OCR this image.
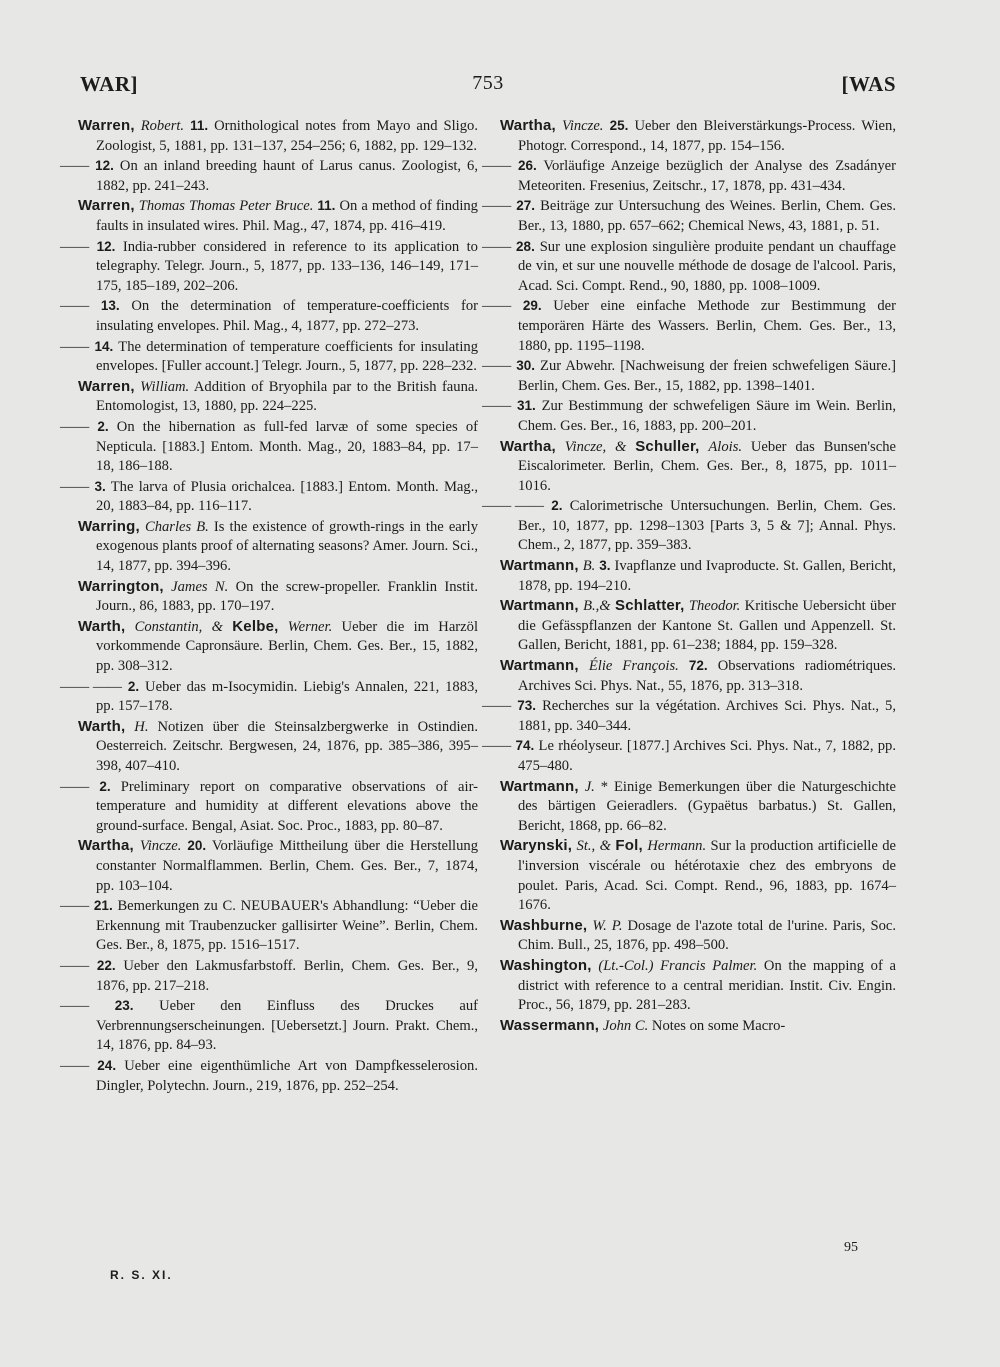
WAR]	753	[WAS

Warren, Robert. 11. Ornithological notes from Mayo and Sligo. Zoologist, 5, 1881, pp. 131–137, 254–256; 6, 1882, pp. 129–132.

—— 12. On an inland breeding haunt of Larus canus. Zoologist, 6, 1882, pp. 241–243.

Warren, Thomas Thomas Peter Bruce. 11. On a method of finding faults in insulated wires. Phil. Mag., 47, 1874, pp. 416–419.

—— 12. India-rubber considered in reference to its application to telegraphy. Telegr. Journ., 5, 1877, pp. 133–136, 146–149, 171–175, 185–189, 202–206.

—— 13. On the determination of temperature-coefficients for insulating envelopes. Phil. Mag., 4, 1877, pp. 272–273.

—— 14. The determination of temperature coefficients for insulating envelopes. [Fuller account.] Telegr. Journ., 5, 1877, pp. 228–232.

Warren, William. Addition of Bryophila par to the British fauna. Entomologist, 13, 1880, pp. 224–225.

—— 2. On the hibernation as full-fed larvæ of some species of Nepticula. [1883.] Entom. Month. Mag., 20, 1883–84, pp. 17–18, 186–188.

—— 3. The larva of Plusia orichalcea. [1883.] Entom. Month. Mag., 20, 1883–84, pp. 116–117.

Warring, Charles B. Is the existence of growth-rings in the early exogenous plants proof of alternating seasons? Amer. Journ. Sci., 14, 1877, pp. 394–396.

Warrington, James N. On the screw-propeller. Franklin Instit. Journ., 86, 1883, pp. 170–197.

Warth, Constantin, & Kelbe, Werner. Ueber die im Harzöl vorkommende Capronsäure. Berlin, Chem. Ges. Ber., 15, 1882, pp. 308–312.

—— —— 2. Ueber das m-Isocymidin. Liebig's Annalen, 221, 1883, pp. 157–178.

Warth, H. Notizen über die Steinsalzbergwerke in Ostindien. Oesterreich. Zeitschr. Bergwesen, 24, 1876, pp. 385–386, 395–398, 407–410.

—— 2. Preliminary report on comparative observations of air-temperature and humidity at different elevations above the ground-surface. Bengal, Asiat. Soc. Proc., 1883, pp. 80–87.

Wartha, Vincze. 20. Vorläufige Mittheilung über die Herstellung constanter Normalflammen. Berlin, Chem. Ges. Ber., 7, 1874, pp. 103–104.

—— 21. Bemerkungen zu C. NEUBAUER's Abhandlung: “Ueber die Erkennung mit Traubenzucker gallisirter Weine”. Berlin, Chem. Ges. Ber., 8, 1875, pp. 1516–1517.

—— 22. Ueber den Lakmusfarbstoff. Berlin, Chem. Ges. Ber., 9, 1876, pp. 217–218.

—— 23. Ueber den Einfluss des Druckes auf Verbrennungserscheinungen. [Uebersetzt.] Journ. Prakt. Chem., 14, 1876, pp. 84–93.

—— 24. Ueber eine eigenthümliche Art von Dampfkesselerosion. Dingler, Polytechn. Journ., 219, 1876, pp. 252–254.

Wartha, Vincze. 25. Ueber den Bleiverstärkungs-Process. Wien, Photogr. Correspond., 14, 1877, pp. 154–156.

—— 26. Vorläufige Anzeige bezüglich der Analyse des Zsadányer Meteoriten. Fresenius, Zeitschr., 17, 1878, pp. 431–434.

—— 27. Beiträge zur Untersuchung des Weines. Berlin, Chem. Ges. Ber., 13, 1880, pp. 657–662; Chemical News, 43, 1881, p. 51.

—— 28. Sur une explosion singulière produite pendant un chauffage de vin, et sur une nouvelle méthode de dosage de l'alcool. Paris, Acad. Sci. Compt. Rend., 90, 1880, pp. 1008–1009.

—— 29. Ueber eine einfache Methode zur Bestimmung der temporären Härte des Wassers. Berlin, Chem. Ges. Ber., 13, 1880, pp. 1195–1198.

—— 30. Zur Abwehr. [Nachweisung der freien schwefeligen Säure.] Berlin, Chem. Ges. Ber., 15, 1882, pp. 1398–1401.

—— 31. Zur Bestimmung der schwefeligen Säure im Wein. Berlin, Chem. Ges. Ber., 16, 1883, pp. 200–201.

Wartha, Vincze, & Schuller, Alois. Ueber das Bunsen'sche Eiscalorimeter. Berlin, Chem. Ges. Ber., 8, 1875, pp. 1011–1016.

—— —— 2. Calorimetrische Untersuchungen. Berlin, Chem. Ges. Ber., 10, 1877, pp. 1298–1303 [Parts 3, 5 & 7]; Annal. Phys. Chem., 2, 1877, pp. 359–383.

Wartmann, B. 3. Ivapflanze und Ivaproducte. St. Gallen, Bericht, 1878, pp. 194–210.

Wartmann, B.,& Schlatter, Theodor. Kritische Uebersicht über die Gefässpflanzen der Kantone St. Gallen und Appenzell. St. Gallen, Bericht, 1881, pp. 61–238; 1884, pp. 159–328.

Wartmann, Élie François. 72. Observations radiométriques. Archives Sci. Phys. Nat., 55, 1876, pp. 313–318.

—— 73. Recherches sur la végétation. Archives Sci. Phys. Nat., 5, 1881, pp. 340–344.

—— 74. Le rhéolyseur. [1877.] Archives Sci. Phys. Nat., 7, 1882, pp. 475–480.

Wartmann, J. * Einige Bemerkungen über die Naturgeschichte des bärtigen Geieradlers. (Gypaëtus barbatus.) St. Gallen, Bericht, 1868, pp. 66–82.

Warynski, St., & Fol, Hermann. Sur la production artificielle de l'inversion viscérale ou hétérotaxie chez des embryons de poulet. Paris, Acad. Sci. Compt. Rend., 96, 1883, pp. 1674–1676.

Washburne, W. P. Dosage de l'azote total de l'urine. Paris, Soc. Chim. Bull., 25, 1876, pp. 498–500.

Washington, (Lt.-Col.) Francis Palmer. On the mapping of a district with reference to a central meridian. Instit. Civ. Engin. Proc., 56, 1879, pp. 281–283.

Wassermann, John C. Notes on some Macro-

95
R. S. XI.
